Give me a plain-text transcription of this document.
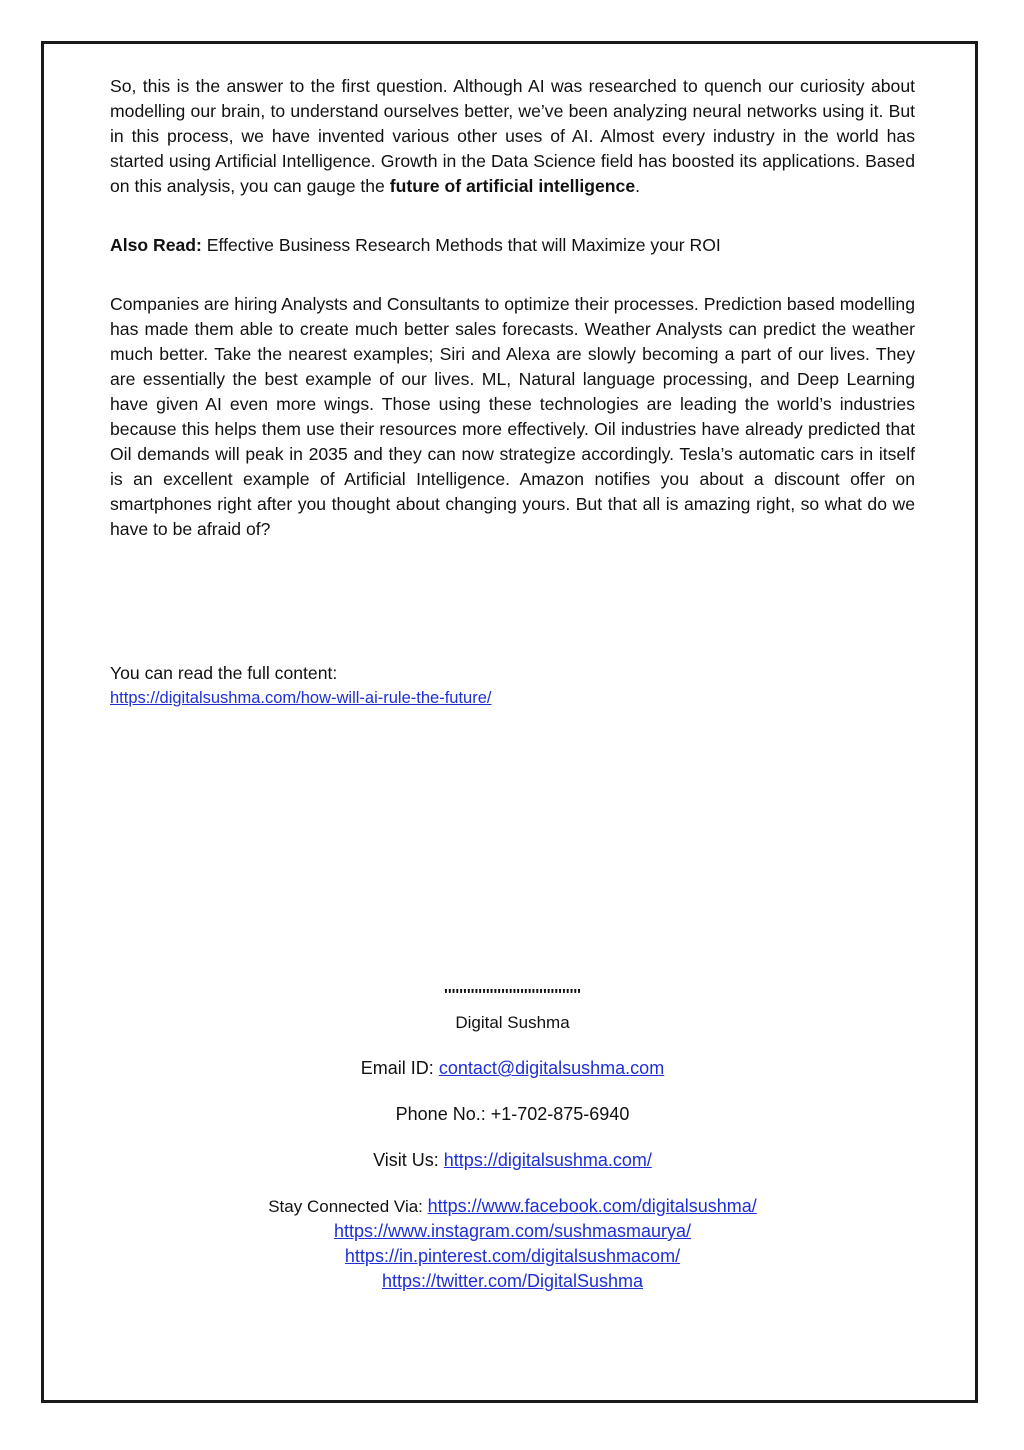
So, this is the answer to the first question. Although AI was researched to quench our curiosity about modelling our brain, to understand ourselves better, we’ve been analyzing neural networks using it. But in this process, we have invented various other uses of AI. Almost every industry in the world has started using Artificial Intelligence. Growth in the Data Science field has boosted its applications. Based on this analysis, you can gauge the future of artificial intelligence.

Also Read: Effective Business Research Methods that will Maximize your ROI

Companies are hiring Analysts and Consultants to optimize their processes. Prediction based modelling has made them able to create much better sales forecasts. Weather Analysts can predict the weather much better. Take the nearest examples; Siri and Alexa are slowly becoming a part of our lives. They are essentially the best example of our lives. ML, Natural language processing, and Deep Learning have given AI even more wings. Those using these technologies are leading the world’s industries because this helps them use their resources more effectively. Oil industries have already predicted that Oil demands will peak in 2035 and they can now strategize accordingly. Tesla’s automatic cars in itself is an excellent example of Artificial Intelligence. Amazon notifies you about a discount offer on smartphones right after you thought about changing yours. But that all is amazing right, so what do we have to be afraid of?

You can read the full content:
https://digitalsushma.com/how-will-ai-rule-the-future/
''''''''''''''''''''''''''''''''''''
Digital Sushma
Email ID: contact@digitalsushma.com
Phone No.: +1-702-875-6940
Visit Us: https://digitalsushma.com/
Stay Connected Via: https://www.facebook.com/digitalsushma/
https://www.instagram.com/sushmasmaurya/
https://in.pinterest.com/digitalsushmacom/
https://twitter.com/DigitalSushma
